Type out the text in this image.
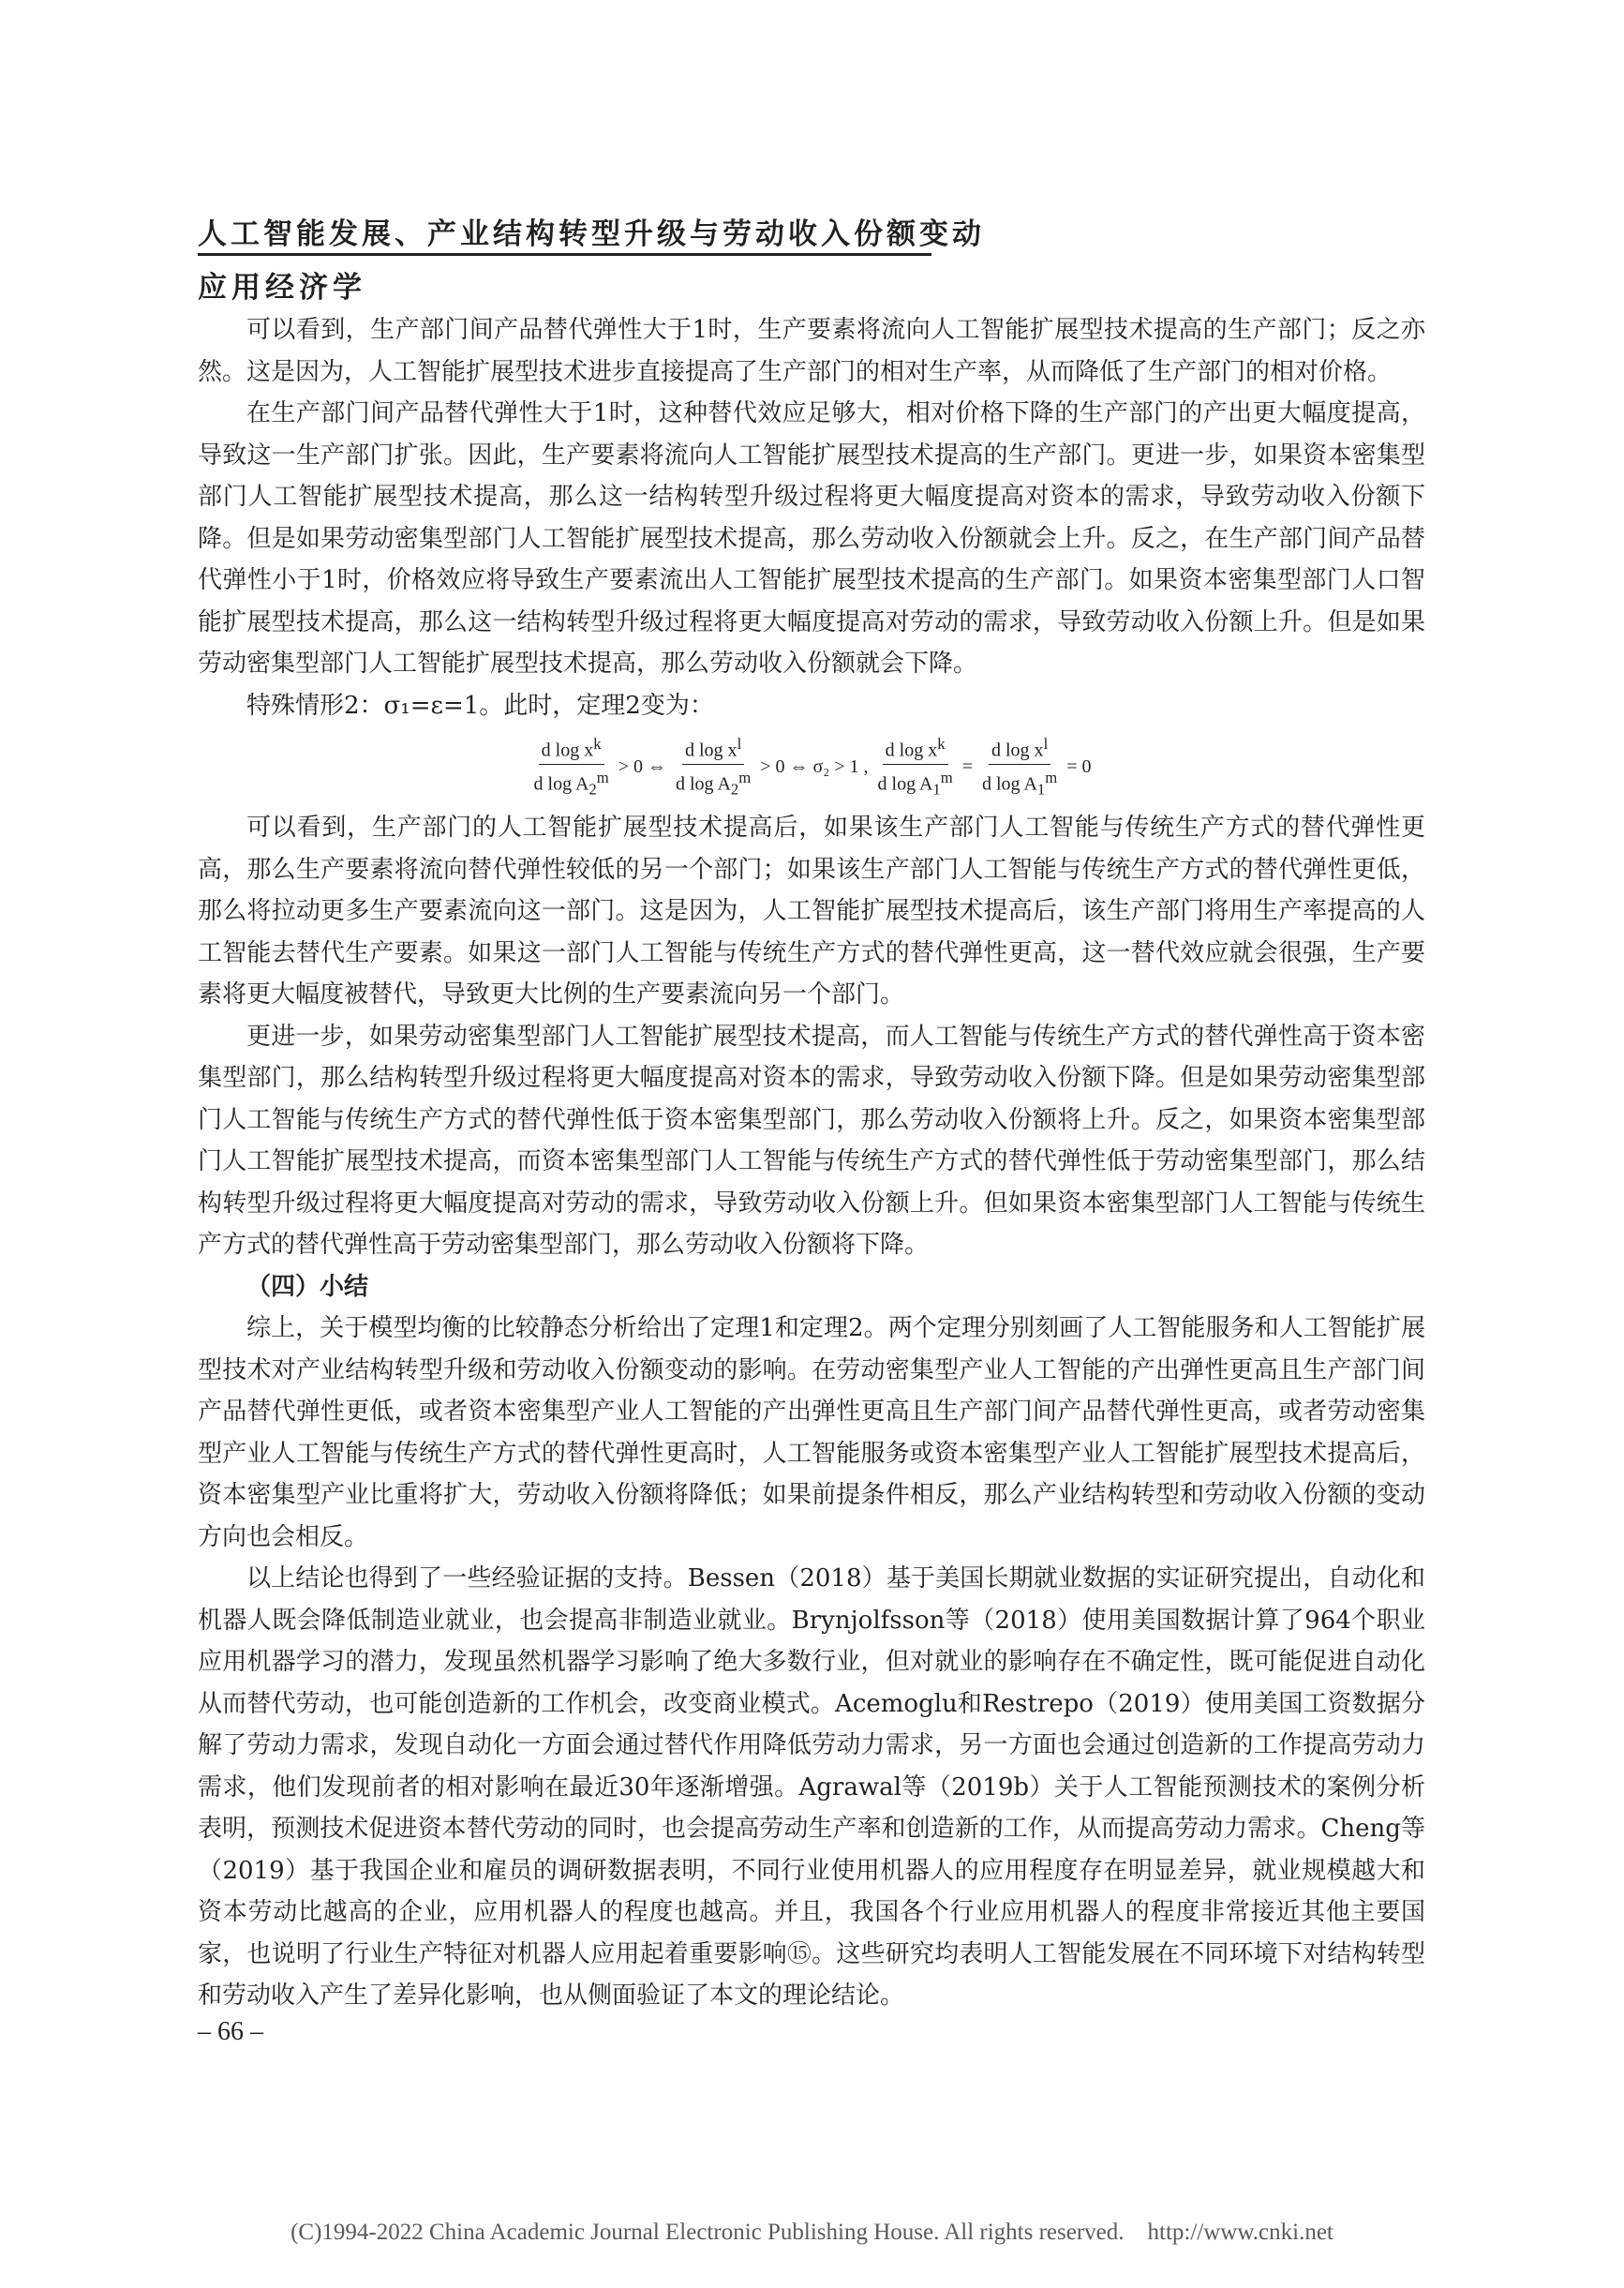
人工智能发展、产业结构转型升级与劳动收入份额变动
应用经济学

可以看到，生产部门间产品替代弹性大于1时，生产要素将流向人工智能扩展型技术提高的生产部门；反之亦然。这是因为，人工智能扩展型技术进步直接提高了生产部门的相对生产率，从而降低了生产部门的相对价格。

在生产部门间产品替代弹性大于1时，这种替代效应足够大，相对价格下降的生产部门的产出更大幅度提高，导致这一生产部门扩张。因此，生产要素将流向人工智能扩展型技术提高的生产部门。更进一步，如果资本密集型部门人工智能扩展型技术提高，那么这一结构转型升级过程将更大幅度提高对资本的需求，导致劳动收入份额下降。但是如果劳动密集型部门人工智能扩展型技术提高，那么劳动收入份额就会上升。反之，在生产部门间产品替代弹性小于1时，价格效应将导致生产要素流出人工智能扩展型技术提高的生产部门。如果资本密集型部门人口智能扩展型技术提高，那么这一结构转型升级过程将更大幅度提高对劳动的需求，导致劳动收入份额上升。但是如果劳动密集型部门人工智能扩展型技术提高，那么劳动收入份额就会下降。

特殊情形2：σ₁=ε=1。此时，定理2变为：

$\frac{d \log x^k}{d \log A_2^m} > 0$ ⇔ $\frac{d \log x^l}{d \log A_2^m} > 0$ ⇔ σ₂ > 1 , $\frac{d \log x^k}{d \log A_1^m} = \frac{d \log x^l}{d \log A_1^m} = 0$

可以看到，生产部门的人工智能扩展型技术提高后，如果该生产部门人工智能与传统生产方式的替代弹性更高，那么生产要素将流向替代弹性较低的另一个部门；如果该生产部门人工智能与传统生产方式的替代弹性更低，那么将拉动更多生产要素流向这一部门。这是因为，人工智能扩展型技术提高后，该生产部门将用生产率提高的人工智能去替代生产要素。如果这一部门人工智能与传统生产方式的替代弹性更高，这一替代效应就会很强，生产要素将更大幅度被替代，导致更大比例的生产要素流向另一个部门。

更进一步，如果劳动密集型部门人工智能扩展型技术提高，而人工智能与传统生产方式的替代弹性高于资本密集型部门，那么结构转型升级过程将更大幅度提高对资本的需求，导致劳动收入份额下降。但是如果劳动密集型部门人工智能与传统生产方式的替代弹性低于资本密集型部门，那么劳动收入份额将上升。反之，如果资本密集型部门人工智能扩展型技术提高，而资本密集型部门人工智能与传统生产方式的替代弹性低于劳动密集型部门，那么结构转型升级过程将更大幅度提高对劳动的需求，导致劳动收入份额上升。但如果资本密集型部门人工智能与传统生产方式的替代弹性高于劳动密集型部门，那么劳动收入份额将下降。

（四）小结

综上，关于模型均衡的比较静态分析给出了定理1和定理2。两个定理分别刻画了人工智能服务和人工智能扩展型技术对产业结构转型升级和劳动收入份额变动的影响。在劳动密集型产业人工智能的产出弹性更高且生产部门间产品替代弹性更低，或者资本密集型产业人工智能的产出弹性更高且生产部门间产品替代弹性更高，或者劳动密集型产业人工智能与传统生产方式的替代弹性更高时，人工智能服务或资本密集型产业人工智能扩展型技术提高后，资本密集型产业比重将扩大，劳动收入份额将降低；如果前提条件相反，那么产业结构转型和劳动收入份额的变动方向也会相反。

以上结论也得到了一些经验证据的支持。Bessen（2018）基于美国长期就业数据的实证研究提出，自动化和机器人既会降低制造业就业，也会提高非制造业就业。Brynjolfsson等（2018）使用美国数据计算了964个职业应用机器学习的潜力，发现虽然机器学习影响了绝大多数行业，但对就业的影响存在不确定性，既可能促进自动化从而替代劳动，也可能创造新的工作机会，改变商业模式。Acemoglu和Restrepo（2019）使用美国工资数据分解了劳动力需求，发现自动化一方面会通过替代作用降低劳动力需求，另一方面也会通过创造新的工作提高劳动力需求，他们发现前者的相对影响在最近30年逐渐增强。Agrawal等（2019b）关于人工智能预测技术的案例分析表明，预测技术促进资本替代劳动的同时，也会提高劳动生产率和创造新的工作，从而提高劳动力需求。Cheng等（2019）基于我国企业和雇员的调研数据表明，不同行业使用机器人的应用程度存在明显差异，就业规模越大和资本劳动比越高的企业，应用机器人的程度也越高。并且，我国各个行业应用机器人的程度非常接近其他主要国家，也说明了行业生产特征对机器人应用起着重要影响⑮。这些研究均表明人工智能发展在不同环境下对结构转型和劳动收入产生了差异化影响，也从侧面验证了本文的理论结论。

– 66 –
(C)1994-2022 China Academic Journal Electronic Publishing House. All rights reserved.    http://www.cnki.net
